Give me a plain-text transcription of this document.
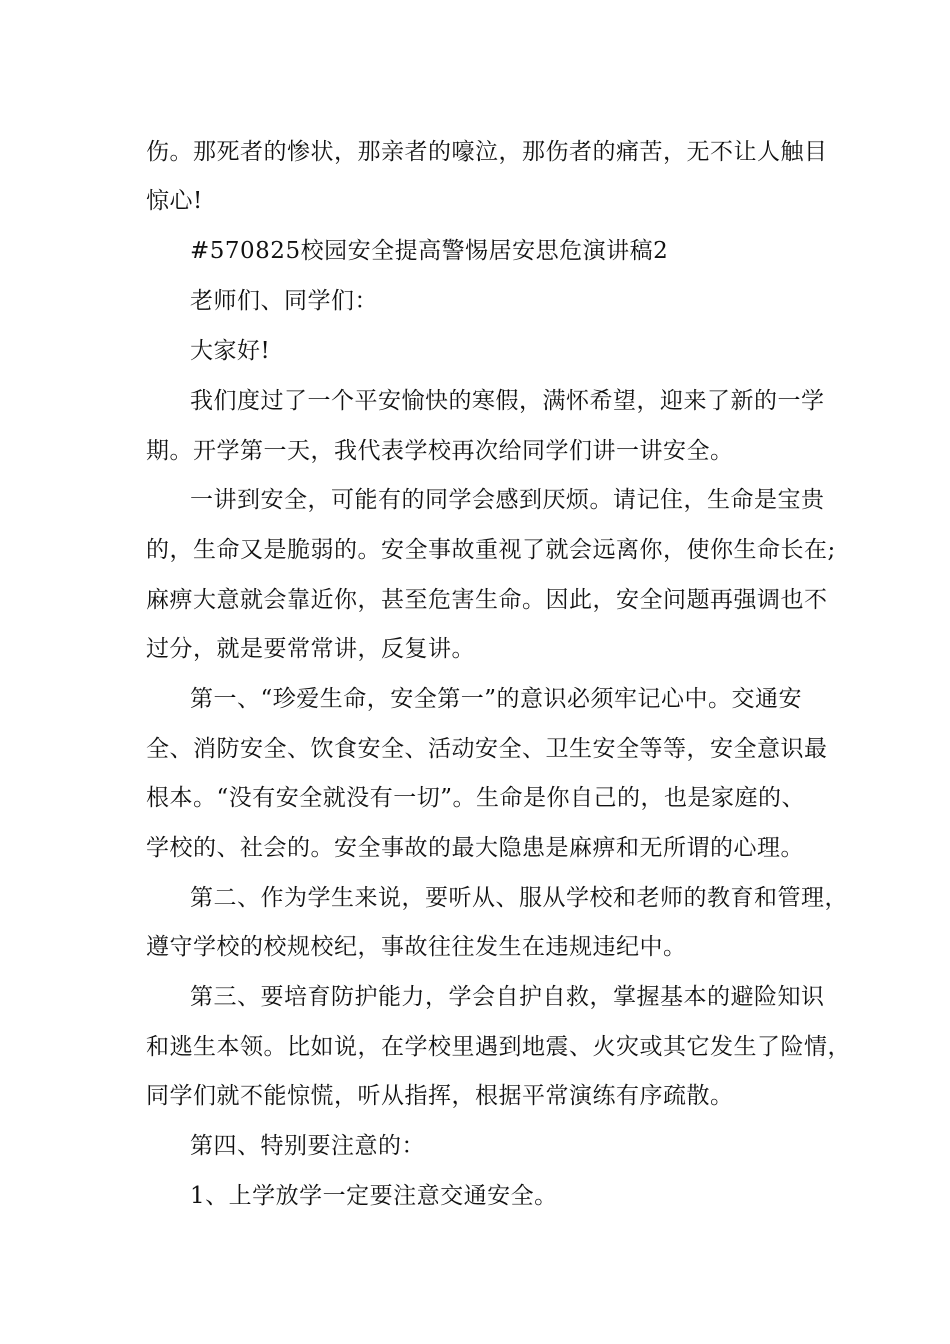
伤。那死者的惨状，那亲者的嚎泣，那伤者的痛苦，无不让人触目
惊心!
#570825校园安全提高警惕居安思危演讲稿2
老师们、同学们：
大家好!
我们度过了一个平安愉快的寒假，满怀希望，迎来了新的一学
期。开学第一天，我代表学校再次给同学们讲一讲安全。
一讲到安全，可能有的同学会感到厌烦。请记住，生命是宝贵
的，生命又是脆弱的。安全事故重视了就会远离你，使你生命长在;
麻痹大意就会靠近你，甚至危害生命。因此，安全问题再强调也不
过分，就是要常常讲，反复讲。
第一、“珍爱生命，安全第一”的意识必须牢记心中。交通安
全、消防安全、饮食安全、活动安全、卫生安全等等，安全意识最
根本。“没有安全就没有一切”。生命是你自己的，也是家庭的、
学校的、社会的。安全事故的最大隐患是麻痹和无所谓的心理。
第二、作为学生来说，要听从、服从学校和老师的教育和管理，
遵守学校的校规校纪，事故往往发生在违规违纪中。
第三、要培育防护能力，学会自护自救，掌握基本的避险知识
和逃生本领。比如说，在学校里遇到地震、火灾或其它发生了险情，
同学们就不能惊慌，听从指挥，根据平常演练有序疏散。
第四、特别要注意的：
1、上学放学一定要注意交通安全。
